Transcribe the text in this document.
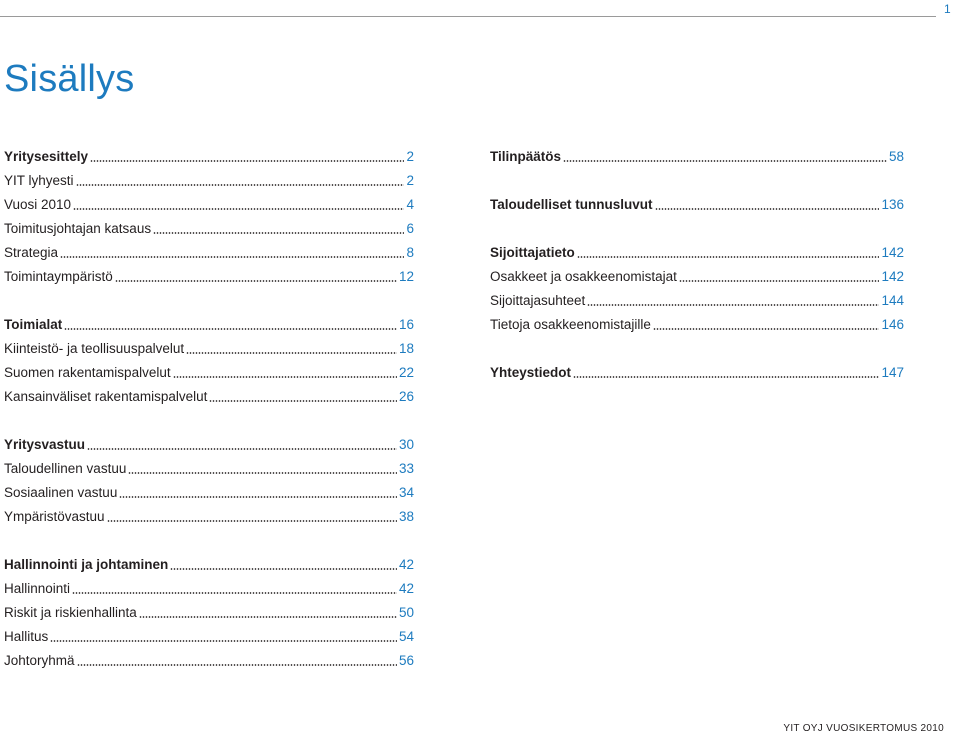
1
Sisällys
Yritysesittely	2
YIT lyhyesti	2
Vuosi 2010	4
Toimitusjohtajan katsaus	6
Strategia	8
Toimintaympäristö	12
Toimialat	16
Kiinteistö- ja teollisuuspalvelut	18
Suomen rakentamispalvelut	22
Kansainväliset rakentamispalvelut	26
Yritysvastuu	30
Taloudellinen vastuu	33
Sosiaalinen vastuu	34
Ympäristövastuu	38
Hallinnointi ja johtaminen	42
Hallinnointi	42
Riskit ja riskienhallinta	50
Hallitus	54
Johtoryhmä	56
Tilinpäätös	58
Taloudelliset tunnusluvut	136
Sijoittajatieto	142
Osakkeet ja osakkeenomistajat	142
Sijoittajasuhteet	144
Tietoja osakkeenomistajille	146
Yhteystiedot	147
YIT OYJ VUOSIKERTOMUS 2010
